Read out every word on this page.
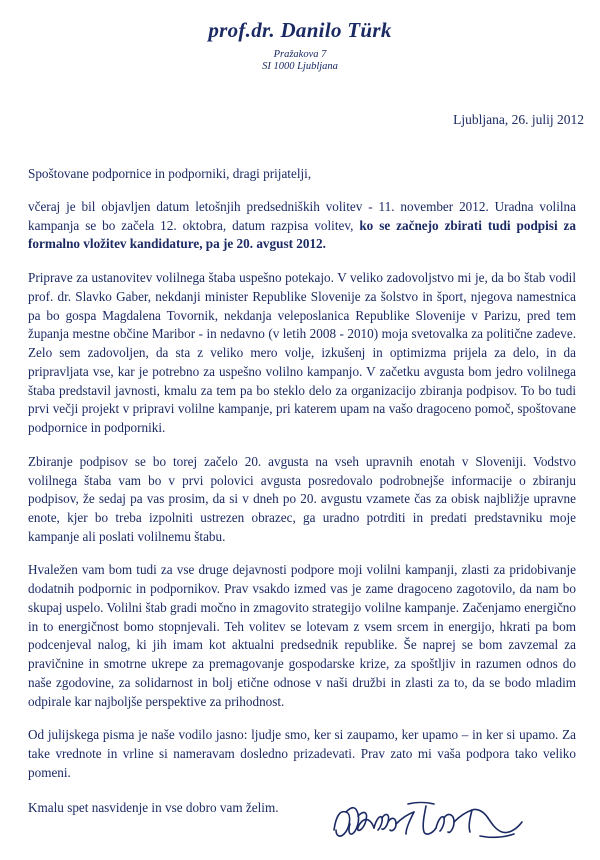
prof.dr. Danilo Türk
Pražakova 7
SI 1000 Ljubljana
Ljubljana, 26. julij 2012
Spoštovane podpornice in podporniki, dragi prijatelji,

včeraj je bil objavljen datum letošnjih predsedniških volitev - 11. november 2012. Uradna volilna kampanja se bo začela 12. oktobra, datum razpisa volitev, ko se začnejo zbirati tudi podpisi za formalno vložitev kandidature, pa je 20. avgust 2012.

Priprave za ustanovitev volilnega štaba uspešno potekajo. V veliko zadovoljstvo mi je, da bo štab vodil prof. dr. Slavko Gaber, nekdanji minister Republike Slovenije za šolstvo in šport, njegova namestnica pa bo gospa Magdalena Tovornik, nekdanja veleposlanica Republike Slovenije v Parizu, pred tem županja mestne občine Maribor - in nedavno (v letih 2008 - 2010) moja svetovalka za politične zadeve. Zelo sem zadovoljen, da sta z veliko mero volje, izkušenj in optimizma prijela za delo, in da pripravljata vse, kar je potrebno za uspešno volilno kampanjo. V začetku avgusta bom jedro volilnega štaba predstavil javnosti, kmalu za tem pa bo steklo delo za organizacijo zbiranja podpisov. To bo tudi prvi večji projekt v pripravi volilne kampanje, pri katerem upam na vašo dragoceno pomoč, spoštovane podpornice in podporniki.

Zbiranje podpisov se bo torej začelo 20. avgusta na vseh upravnih enotah v Sloveniji. Vodstvo volilnega štaba vam bo v prvi polovici avgusta posredovalo podrobnejše informacije o zbiranju podpisov, že sedaj pa vas prosim, da si v dneh po 20. avgustu vzamete čas za obisk najbližje upravne enote, kjer bo treba izpolniti ustrezen obrazec, ga uradno potrditi in predati predstavniku moje kampanje ali poslati volilnemu štabu.

Hvaležen vam bom tudi za vse druge dejavnosti podpore moji volilni kampanji, zlasti za pridobivanje dodatnih podpornic in podpornikov. Prav vsakdo izmed vas je zame dragoceno zagotovilo, da nam bo skupaj uspelo. Volilni štab gradi močno in zmagovito strategijo volilne kampanje. Začenjamo energično in to energičnost bomo stopnjevali. Teh volitev se lotevam z vsem srcem in energijo, hkrati pa bom podcenjeval nalog, ki jih imam kot aktualni predsednik republike. Še naprej se bom zavzemal za pravičnine in smotrne ukrepe za premagovanje gospodarske krize, za spoštljiv in razumen odnos do naše zgodovine, za solidarnost in bolj etične odnose v naši družbi in zlasti za to, da se bodo mladim odpirale kar najboljše perspektive za prihodnost.

Od julijskega pisma je naše vodilo jasno: ljudje smo, ker si zaupamo, ker upamo – in ker si upamo. Za take vrednote in vrline si nameravam dosledno prizadevati. Prav zato mi vaša podpora tako veliko pomeni.

Kmalu spet nasvidenje in vse dobro vam želim.
